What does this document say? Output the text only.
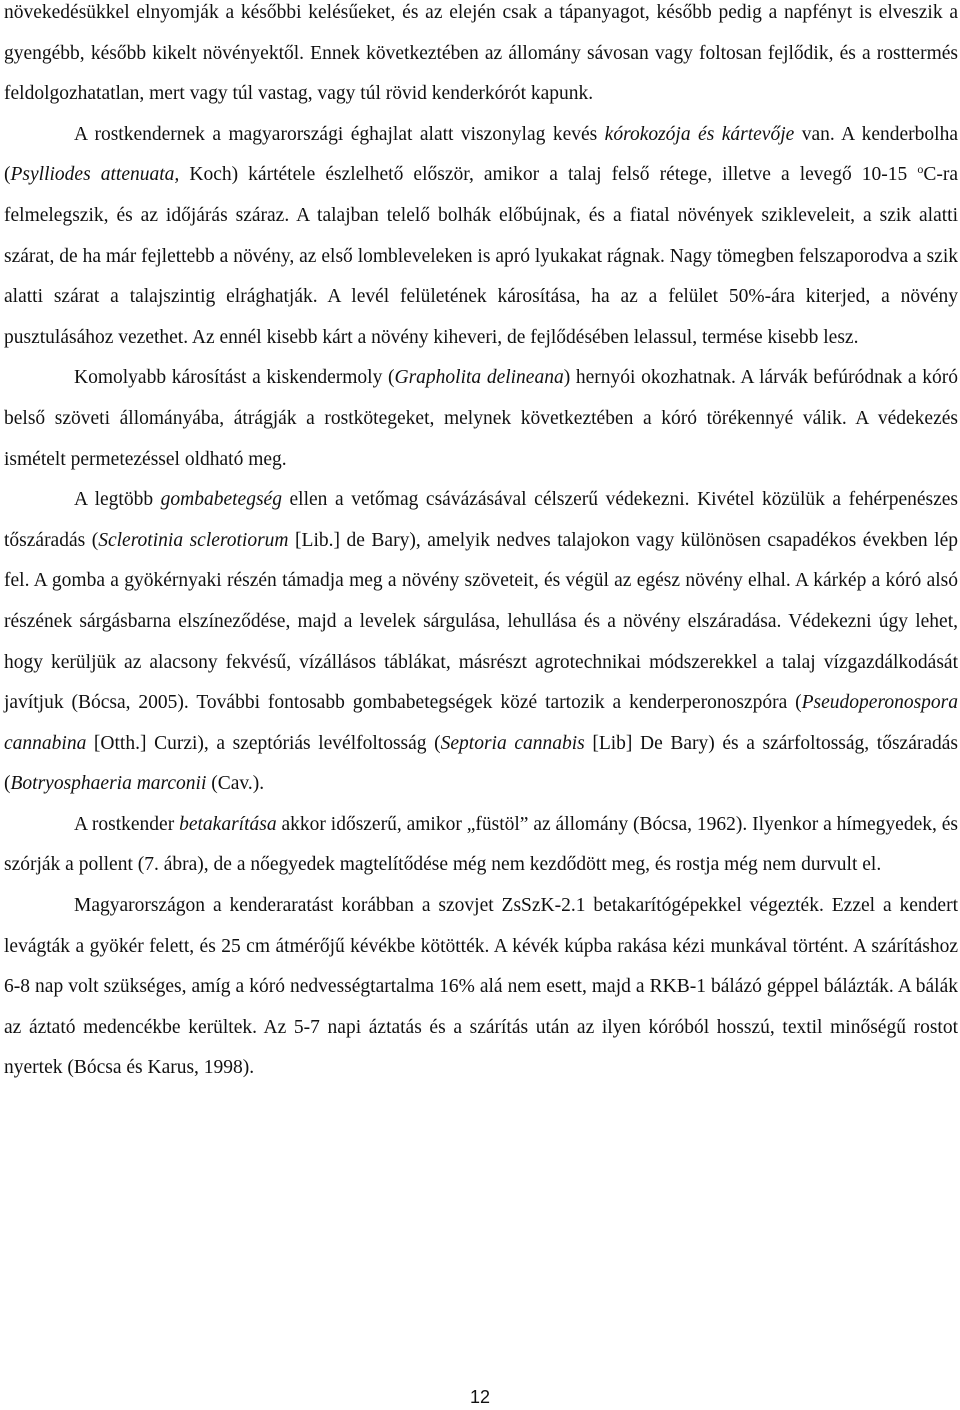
növekedésükkel elnyomják a későbbi kelésűeket, és az elején csak a tápanyagot, később pedig a napfényt is elveszik a gyengébb, később kikelt növényektől. Ennek következtében az állomány sávosan vagy foltosan fejlődik, és a rosttermés feldolgozhatatlan, mert vagy túl vastag, vagy túl rövid kenderkórót kapunk.

A rostkendernek a magyarországi éghajlat alatt viszonylag kevés kórokozója és kártevője van. A kenderbolha (Psylliodes attenuata, Koch) kártétele észlelhető először, amikor a talaj felső rétege, illetve a levegő 10-15 $^o$C-ra felmelegszik, és az időjárás száraz. A talajban telelő bolhák előbújnak, és a fiatal növények szikleveleit, a szik alatti szárat, de ha már fejlettebb a növény, az első lombleveleken is apró lyukakat rágnak. Nagy tömegben felszaporodva a szik alatti szárat a talajszintig elrághatják. A levél felületének károsítása, ha az a felület 50%-ára kiterjed, a növény pusztulásához vezethet. Az ennél kisebb kárt a növény kiheveri, de fejlődésében lelassul, termése kisebb lesz.

Komolyabb károsítást a kiskendermoly (Grapholita delineana) hernyói okozhatnak. A lárvák befúródnak a kóró belső szöveti állományába, átrágják a rostkötegeket, melynek következtében a kóró törékennyé válik. A védekezés ismételt permetezéssel oldható meg.

A legtöbb gombabetegség ellen a vetőmag csávázásával célszerű védekezni. Kivétel közülük a fehérpenészes tőszáradás (Sclerotinia sclerotiorum [Lib.] de Bary), amelyik nedves talajokon vagy különösen csapadékos években lép fel. A gomba a gyökérnyaki részén támadja meg a növény szöveteit, és végül az egész növény elhal. A kárkép a kóró alsó részének sárgásbarna elszíneződése, majd a levelek sárgulása, lehullása és a növény elszáradása. Védekezni úgy lehet, hogy kerüljük az alacsony fekvésű, vízállásos táblákat, másrészt agrotechnikai módszerekkel a talaj vízgazdálkodását javítjuk (Bócsa, 2005). További fontosabb gombabetegségek közé tartozik a kenderperonoszpóra (Pseudoperonospora cannabina [Otth.] Curzi), a szeptóriás levélfoltosság (Septoria cannabis [Lib] De Bary) és a szárfoltosság, tőszáradás (Botryosphaeria marconii (Cav.).

A rostkender betakarítása akkor időszerű, amikor „füstöl” az állomány (Bócsa, 1962). Ilyenkor a hímegyedek, és szórják a pollent (7. ábra), de a nőegyedek magtelítődése még nem kezdődött meg, és rostja még nem durvult el.

Magyarországon a kenderaratást korábban a szovjet ZsSzK-2.1 betakarítógépekkel végezték. Ezzel a kendert levágták a gyökér felett, és 25 cm átmérőjű kévékbe kötötték. A kévék kúpba rakása kézi munkával történt. A szárításhoz 6-8 nap volt szükséges, amíg a kóró nedvességtartalma 16% alá nem esett, majd a RKB-1 bálázó géppel bálázták. A bálák az áztató medencékbe kerültek. Az 5-7 napi áztatás és a szárítás után az ilyen kóróból hosszú, textil minőségű rostot nyertek (Bócsa és Karus, 1998).

12
